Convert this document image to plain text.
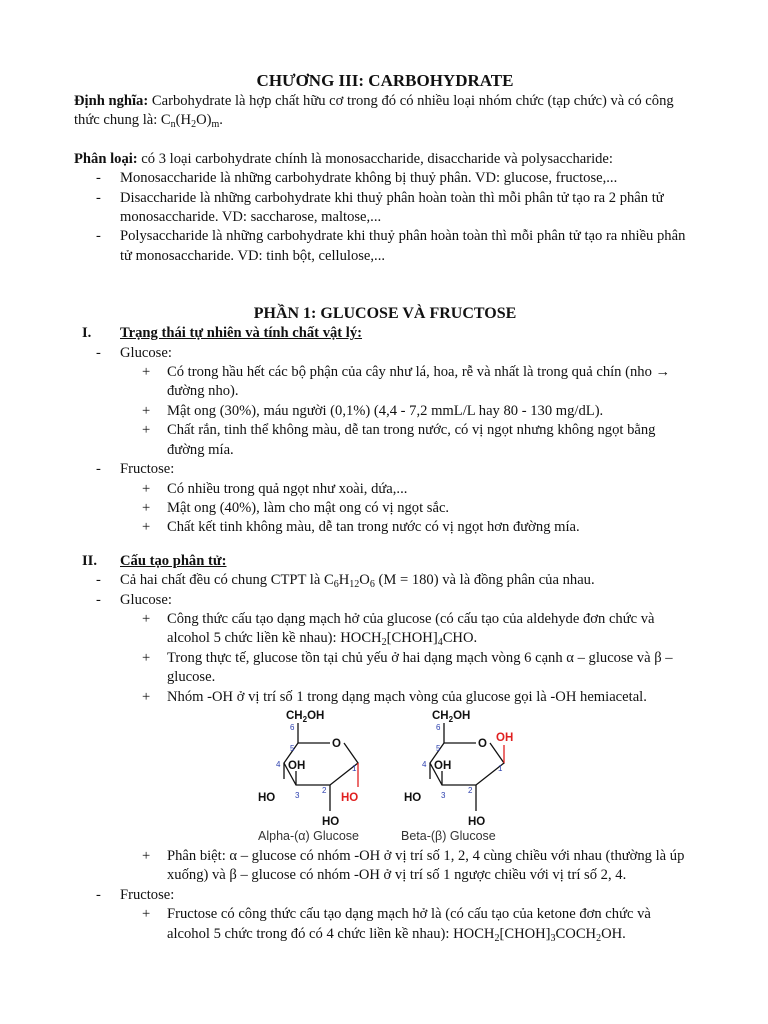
CHƯƠNG III: CARBOHYDRATE

Định nghĩa: Carbohydrate là hợp chất hữu cơ trong đó có nhiều loại nhóm chức (tạp chức) và có công thức chung là: $C_n(H_2O)_m$.

Phân loại: có 3 loại carbohydrate chính là monosaccharide, disaccharide và polysaccharide:

- Monosaccharide là những carbohydrate không bị thuỷ phân. VD: glucose, fructose,...
- Disaccharide là những carbohydrate khi thuỷ phân hoàn toàn thì mỗi phân tử tạo ra 2 phân tử monosaccharide. VD: saccharose, maltose,...
- Polysaccharide là những carbohydrate khi thuỷ phân hoàn toàn thì mỗi phân tử tạo ra nhiều phân tử monosaccharide. VD: tinh bột, cellulose,...
PHẦN 1: GLUCOSE VÀ FRUCTOSE
I. Trạng thái tự nhiên và tính chất vật lý:
- Glucose:
+ Có trong hầu hết các bộ phận của cây như lá, hoa, rễ và nhất là trong quả chín (nho → đường nho).
+ Mật ong (30%), máu người (0,1%) (4,4 - 7,2 mmL/L hay 80 - 130 mg/dL).
+ Chất rắn, tinh thể không màu, dễ tan trong nước, có vị ngọt nhưng không ngọt bằng đường mía.
- Fructose:
+ Có nhiều trong quả ngọt như xoài, dứa,...
+ Mật ong (40%), làm cho mật ong có vị ngọt sắc.
+ Chất kết tinh không màu, dễ tan trong nước có vị ngọt hơn đường mía.
II. Cấu tạo phân tử:
- Cả hai chất đều có chung CTPT là $C_6H_{12}O_6$ (M = 180) và là đồng phân của nhau.
- Glucose:
+ Công thức cấu tạo dạng mạch hở của glucose (có cấu tạo của aldehyde đơn chức và alcohol 5 chức liền kề nhau): $HOCH_2[CHOH]_4CHO$.
+ Trong thực tế, glucose tồn tại chủ yếu ở hai dạng mạch vòng 6 cạnh α – glucose và β – glucose.
+ Nhóm -OH ở vị trí số 1 trong dạng mạch vòng của glucose gọi là -OH hemiacetal.
$CH_2OH$
O
OH
HO	HO
HO
6
5
4
3
2
1
$CH_2OH$
O OH
OH
HO
HO
6
5
4
3
2
1
Alpha-(α) Glucose	Beta-(β) Glucose
+ Phân biệt: α – glucose có nhóm -OH ở vị trí số 1, 2, 4 cùng chiều với nhau (thường là úp xuống) và β – glucose có nhóm -OH ở vị trí số 1 ngược chiều với vị trí số 2, 4.
- Fructose:
+ Fructose có công thức cấu tạo dạng mạch hở là (có cấu tạo của ketone đơn chức và alcohol 5 chức trong đó có 4 chức liền kề nhau): $HOCH_2[CHOH]_3COCH_2OH$.
